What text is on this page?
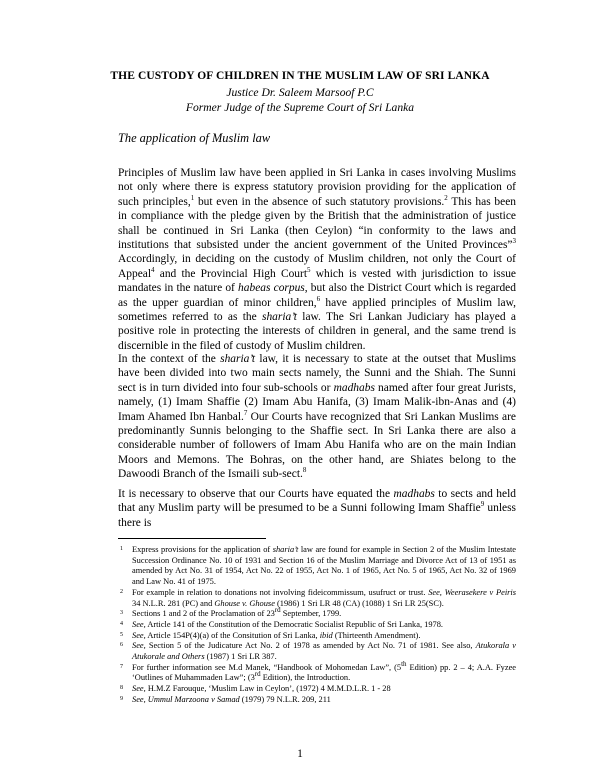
THE CUSTODY OF CHILDREN IN THE MUSLIM LAW OF SRI LANKA
Justice Dr. Saleem Marsoof P.C
Former Judge of the Supreme Court of Sri Lanka
The application of Muslim law

Principles of Muslim law have been applied in Sri Lanka in cases involving Muslims not only where there is express statutory provision providing for the application of such principles,$^1$ but even in the absence of such statutory provisions.$^2$ This has been in compliance with the pledge given by the British that the administration of justice shall be continued in Sri Lanka (then Ceylon) “in conformity to the laws and institutions that subsisted under the ancient government of the United Provinces”$^3$ Accordingly, in deciding on the custody of Muslim children, not only the Court of Appeal$^4$ and the Provincial High Court$^5$ which is vested with jurisdiction to issue mandates in the nature of habeas corpus, but also the District Court which is regarded as the upper guardian of minor children,$^6$ have applied principles of Muslim law, sometimes referred to as the sharia’t law. The Sri Lankan Judiciary has played a positive role in protecting the interests of children in general, and the same trend is discernible in the filed of custody of Muslim children.

In the context of the sharia’t law, it is necessary to state at the outset that Muslims have been divided into two main sects namely, the Sunni and the Shiah. The Sunni sect is in turn divided into four sub-schools or madhabs named after four great Jurists, namely, (1) Imam Shaffie (2) Imam Abu Hanifa, (3) Imam Malik-ibn-Anas and (4) Imam Ahamed Ibn Hanbal.$^7$ Our Courts have recognized that Sri Lankan Muslims are predominantly Sunnis belonging to the Shaffie sect. In Sri Lanka there are also a considerable number of followers of Imam Abu Hanifa who are on the main Indian Moors and Memons. The Bohras, on the other hand, are Shiates belong to the Dawoodi Branch of the Ismaili sub-sect.$^8$

It is necessary to observe that our Courts have equated the madhabs to sects and held that any Muslim party will be presumed to be a Sunni following Imam Shaffie$^9$ unless there is

1 Express provisions for the application of sharia’t law are found for example in Section 2 of the Muslim Intestate Succession Ordinance No. 10 of 1931 and Section 16 of the Muslim Marriage and Divorce Act of 13 of 1951 as amended by Act No. 31 of 1954, Act No. 22 of 1955, Act No. 1 of 1965, Act No. 5 of 1965, Act No. 32 of 1969 and Law No. 41 of 1975.
2 For example in relation to donations not involving fideicommissum, usufruct or trust. See, Weerasekere v Peiris 34 N.L.R. 281 (PC) and Ghouse v. Ghouse (1986) 1 Sri LR 48 (CA) (1088) 1 Sri LR 25(SC).
3 Sections 1 and 2 of the Proclamation of 23rd September, 1799.
4 See, Article 141 of the Constitution of the Democratic Socialist Republic of Sri Lanka, 1978.
5 See, Article 154P(4)(a) of the Consitution of Sri Lanka, ibid (Thirteenth Amendment).
6 See, Section 5 of the Judicature Act No. 2 of 1978 as amended by Act No. 71 of 1981. See also, Atukorala v Atukorale and Others (1987) 1 Sri LR 387.
7 For further information see M.d Manek, “Handbook of Mohomedan Law”, (5th Edition) pp. 2 – 4; A.A. Fyzee ‘Outlines of Muhammaden Law”; (3rd Edition), the Introduction.
8 See, H.M.Z Farouque, ‘Muslim Law in Ceylon’, (1972) 4 M.M.D.L.R. 1 - 28
9 See, Ummul Marzoona v Samad (1979) 79 N.L.R. 209, 211
1
